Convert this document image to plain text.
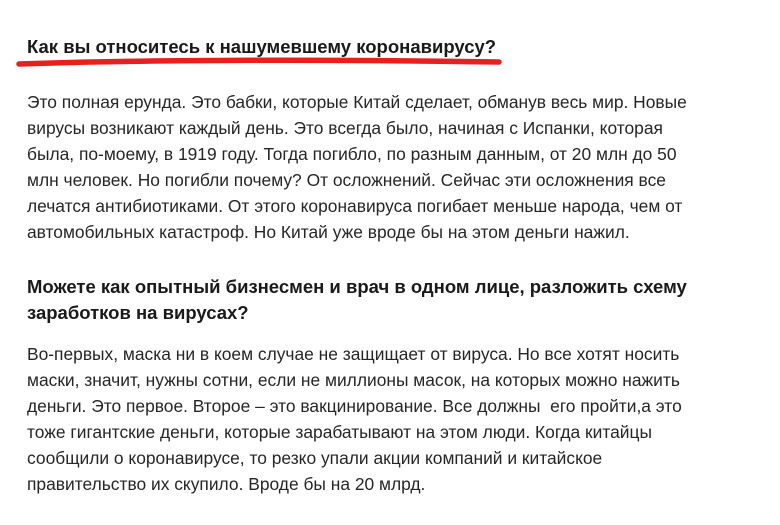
Как вы относитесь к нашумевшему коронавирусу?

Это полная ерунда. Это бабки, которые Китай сделает, обманув весь мир. Новые
вирусы возникают каждый день. Это всегда было, начиная с Испанки, которая
была, по-моему, в 1919 году. Тогда погибло, по разным данным, от 20 млн до 50
млн человек. Но погибли почему? От осложнений. Сейчас эти осложнения все
лечатся антибиотиками. От этого коронавируса погибает меньше народа, чем от
автомобильных катастроф. Но Китай уже вроде бы на этом деньги нажил.

Можете как опытный бизнесмен и врач в одном лице, разложить схему
заработков на вирусах?

Во-первых, маска ни в коем случае не защищает от вируса. Но все хотят носить
маски, значит, нужны сотни, если не миллионы масок, на которых можно нажить
деньги. Это первое. Второе – это вакцинирование. Все должны  его пройти,а это
тоже гигантские деньги, которые зарабатывают на этом люди. Когда китайцы
сообщили о коронавирусе, то резко упали акции компаний и китайское
правительство их скупило. Вроде бы на 20 млрд.
